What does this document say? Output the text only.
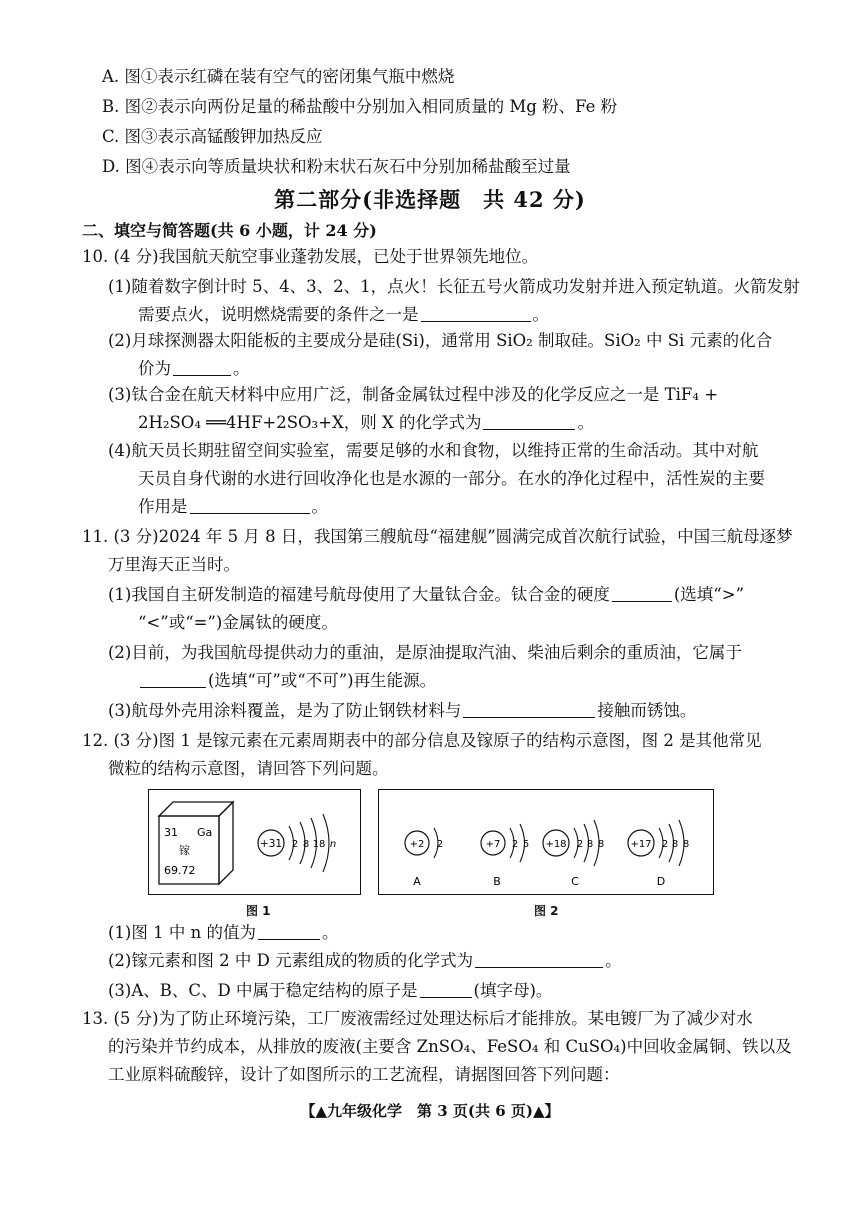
A. 图①表示红磷在装有空气的密闭集气瓶中燃烧
B. 图②表示向两份足量的稀盐酸中分别加入相同质量的 Mg 粉、Fe 粉
C. 图③表示高锰酸钾加热反应
D. 图④表示向等质量块状和粉末状石灰石中分别加稀盐酸至过量
第二部分(非选择题　共 42 分)
二、填空与简答题(共 6 小题，计 24 分)
10. (4 分)我国航天航空事业蓬勃发展，已处于世界领先地位。
(1)随着数字倒计时 5、4、3、2、1，点火！长征五号火箭成功发射并进入预定轨道。火箭发射
需要点火，说明燃烧需要的条件之一是	。
(2)月球探测器太阳能板的主要成分是硅(Si)，通常用 SiO₂ 制取硅。SiO₂ 中 Si 元素的化合
价为	。
(3)钛合金在航天材料中应用广泛，制备金属钛过程中涉及的化学反应之一是 TiF₄ +
2H₂SO₄ ══4HF+2SO₃+X，则 X 的化学式为	。
(4)航天员长期驻留空间实验室，需要足够的水和食物，以维持正常的生命活动。其中对航
天员自身代谢的水进行回收净化也是水源的一部分。在水的净化过程中，活性炭的主要
作用是	。
11. (3 分)2024 年 5 月 8 日，我国第三艘航母“福建舰”圆满完成首次航行试验，中国三航母逐梦
万里海天正当时。
(1)我国自主研发制造的福建号航母使用了大量钛合金。钛合金的硬度	(选填“>”
“<”或“=”)金属钛的硬度。
(2)目前，为我国航母提供动力的重油，是原油提取汽油、柴油后剩余的重质油，它属于
(选填“可”或“不可”)再生能源。
(3)航母外壳用涂料覆盖，是为了防止钢铁材料与	接触而锈蚀。
12. (3 分)图 1 是镓元素在元素周期表中的部分信息及镓原子的结构示意图，图 2 是其他常见
微粒的结构示意图，请回答下列问题。
31 Ga
镓
69.72
+31 2 8 18 n
图 1
+2 2
A
+7 2 5
B
+18 2 8 8
C
+17 2 8 8
D
图 2
(1)图 1 中 n 的值为	。
(2)镓元素和图 2 中 D 元素组成的物质的化学式为	。
(3)A、B、C、D 中属于稳定结构的原子是	(填字母)。
13. (5 分)为了防止环境污染，工厂废液需经过处理达标后才能排放。某电镀厂为了减少对水
的污染并节约成本，从排放的废液(主要含 ZnSO₄、FeSO₄ 和 CuSO₄)中回收金属铜、铁以及
工业原料硫酸锌，设计了如图所示的工艺流程，请据图回答下列问题：
【▲九年级化学　第 3 页(共 6 页)▲】
